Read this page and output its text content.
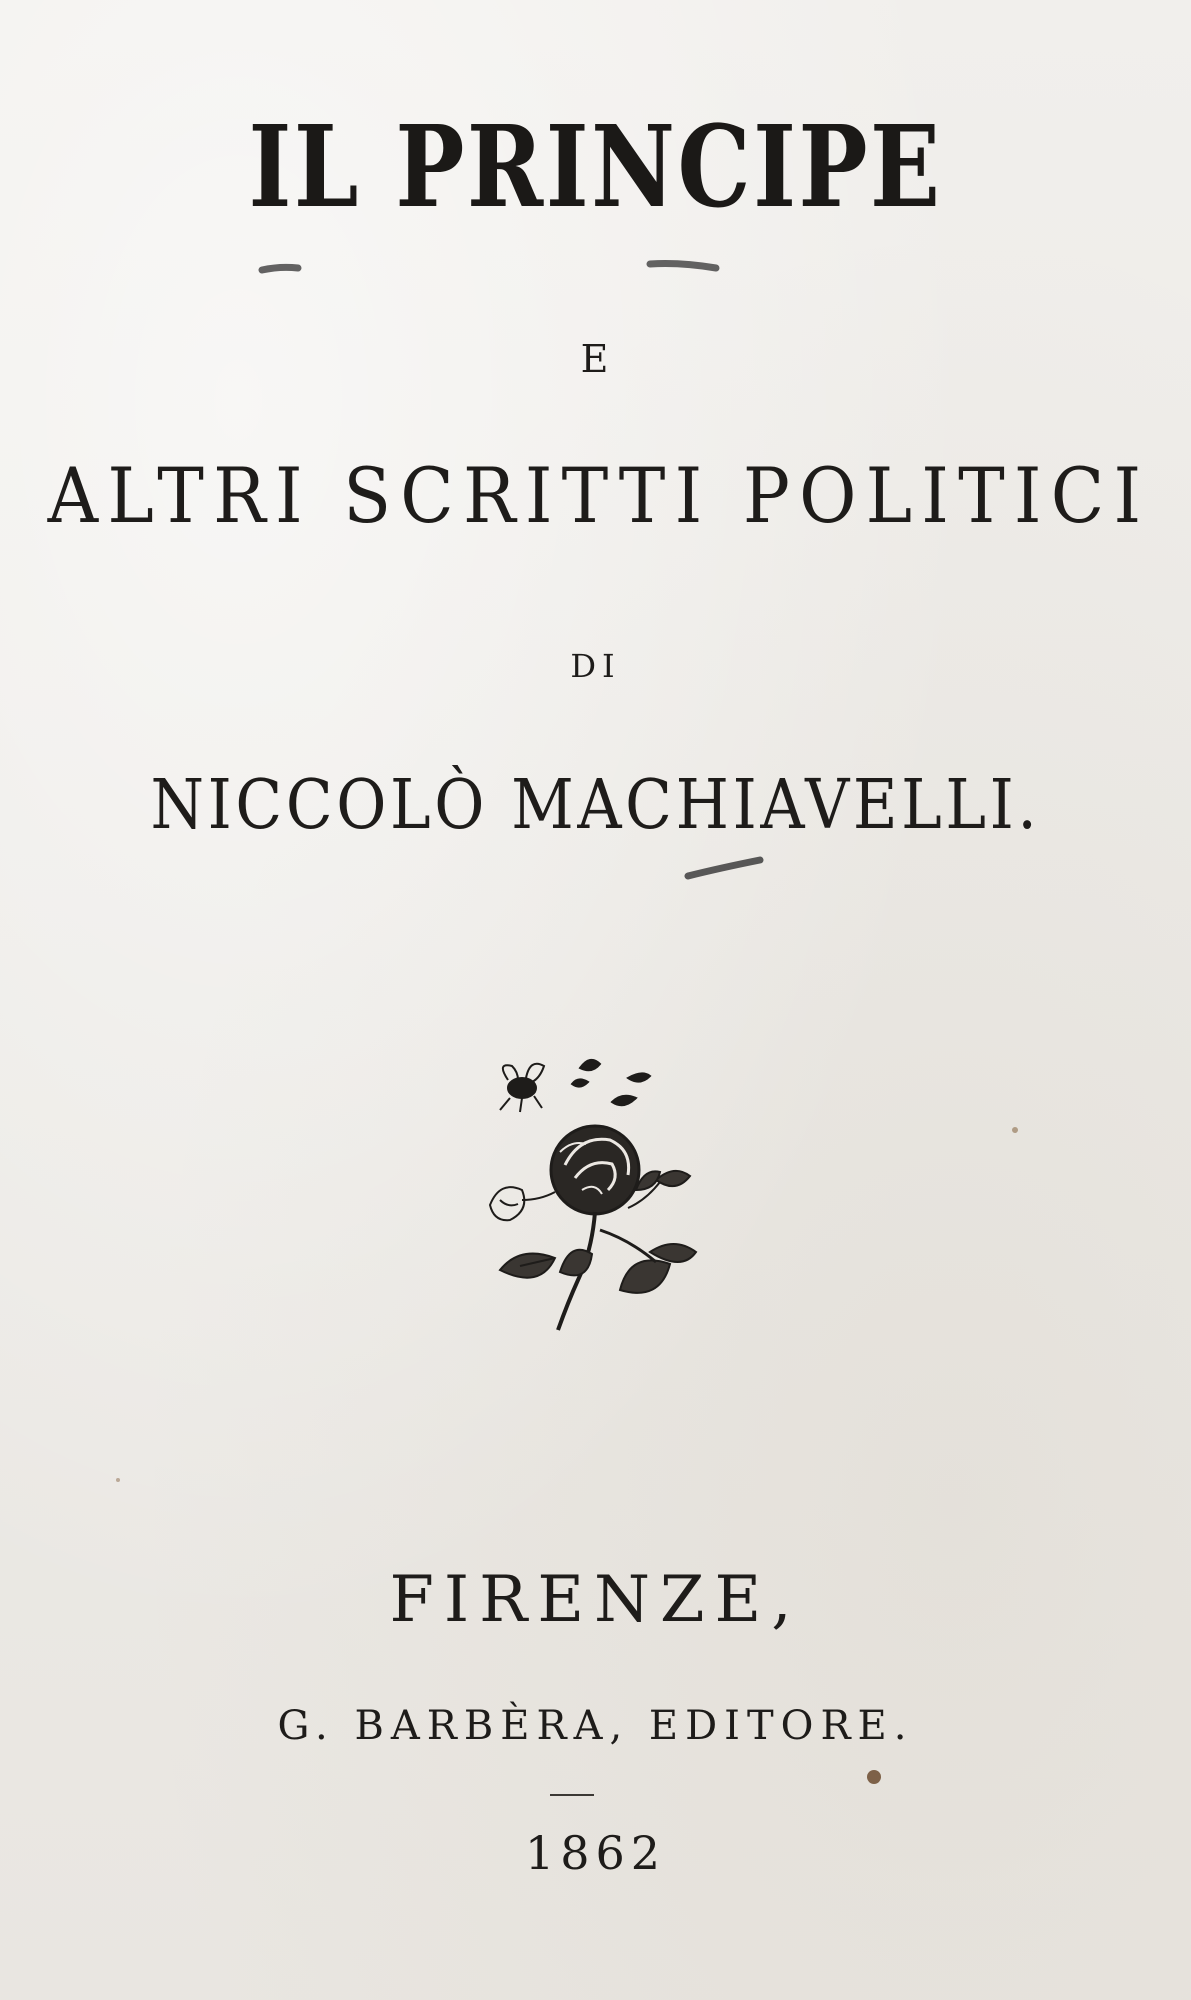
IL PRINCIPE
E
ALTRI SCRITTI POLITICI
DI
NICCOLÒ MACHIAVELLI.
FIRENZE,
G. BARBÈRA, EDITORE.
1862
